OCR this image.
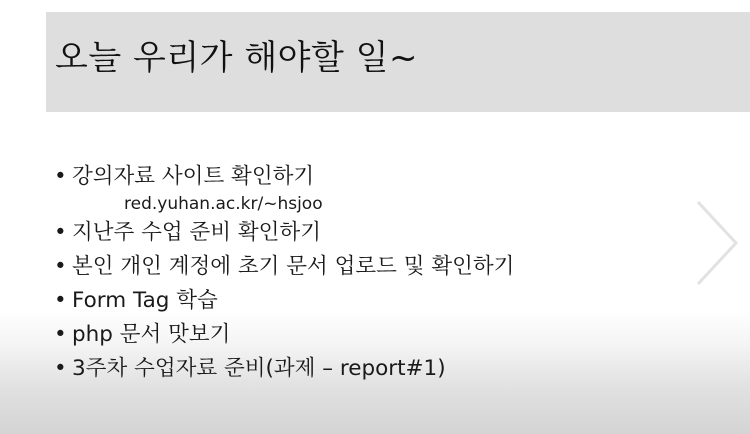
오늘 우리가 해야할 일~
• 강의자료 사이트 확인하기
red.yuhan.ac.kr/~hsjoo
• 지난주 수업 준비 확인하기
• 본인 개인 계정에 초기 문서 업로드 및 확인하기
• Form Tag 학습
• php 문서 맛보기
• 3주차 수업자료 준비(과제 – report#1)
